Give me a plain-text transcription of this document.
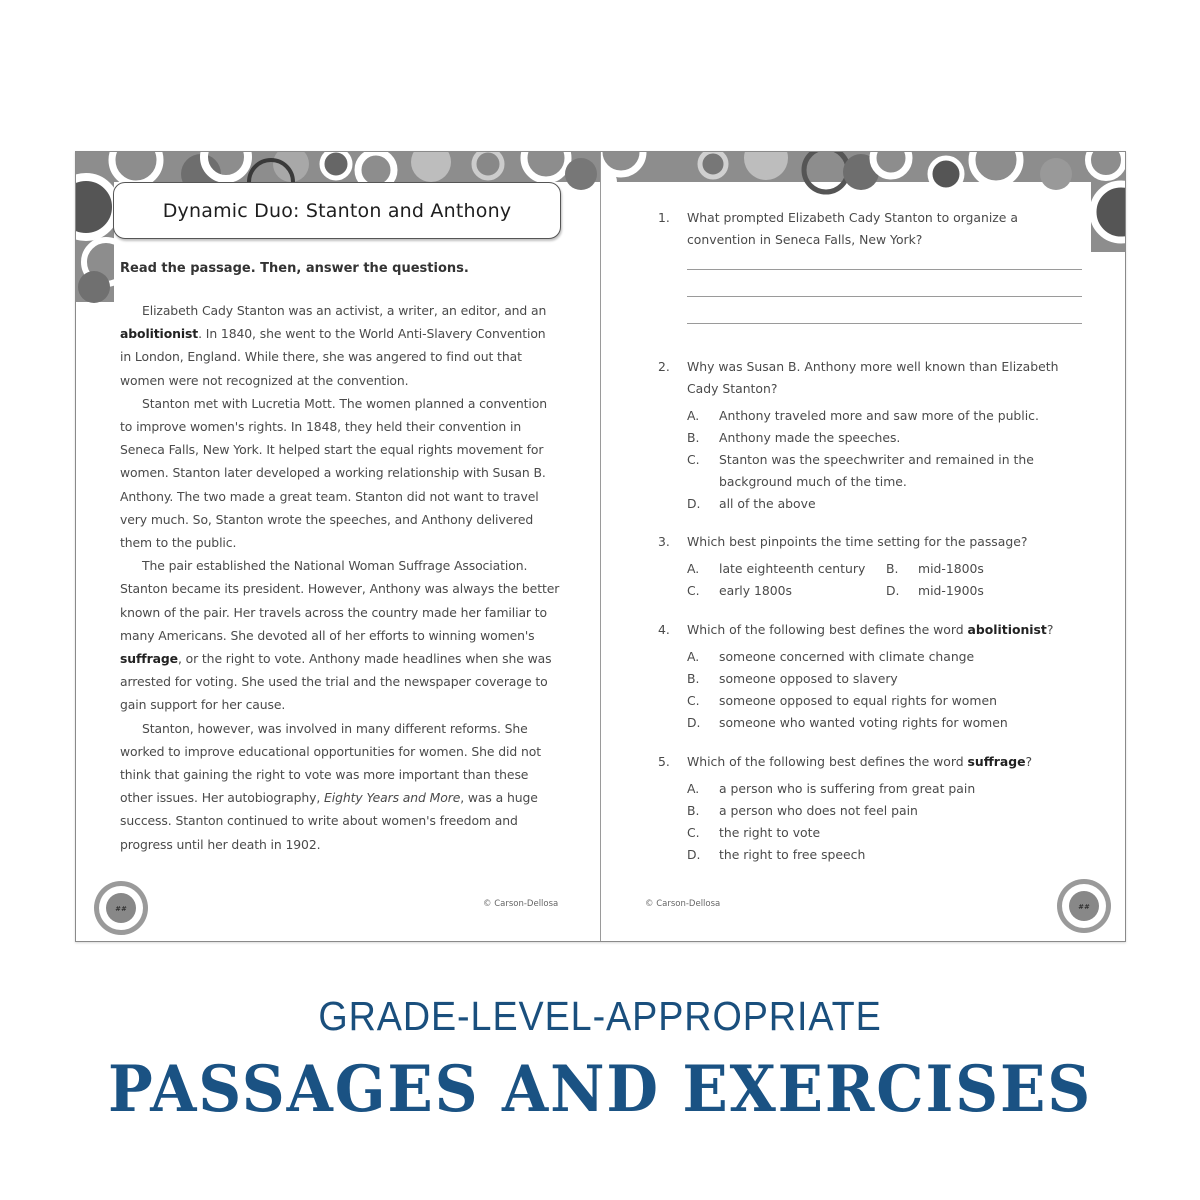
Dynamic Duo: Stanton and Anthony
Read the passage. Then, answer the questions.

Elizabeth Cady Stanton was an activist, a writer, an editor, and an abolitionist. In 1840, she went to the World Anti-Slavery Convention in London, England. While there, she was angered to find out that women were not recognized at the convention.

Stanton met with Lucretia Mott. The women planned a convention to improve women's rights. In 1848, they held their convention in Seneca Falls, New York. It helped start the equal rights movement for women. Stanton later developed a working relationship with Susan B. Anthony. The two made a great team. Stanton did not want to travel very much. So, Stanton wrote the speeches, and Anthony delivered them to the public.

The pair established the National Woman Suffrage Association. Stanton became its president. However, Anthony was always the better known of the pair. Her travels across the country made her familiar to many Americans. She devoted all of her efforts to winning women's suffrage, or the right to vote. Anthony made headlines when she was arrested for voting. She used the trial and the newspaper coverage to gain support for her cause.

Stanton, however, was involved in many different reforms. She worked to improve educational opportunities for women. She did not think that gaining the right to vote was more important than these other issues. Her autobiography, Eighty Years and More, was a huge success. Stanton continued to write about women's freedom and progress until her death in 1902.

##	© Carson-Dellosa
1. What prompted Elizabeth Cady Stanton to organize a convention in Seneca Falls, New York?
2. Why was Susan B. Anthony more well known than Elizabeth Cady Stanton?
A.	Anthony traveled more and saw more of the public.
B.	Anthony made the speeches.
C.	Stanton was the speechwriter and remained in the background much of the time.
D.	all of the above
3. Which best pinpoints the time setting for the passage?
A.	late eighteenth century	B.	mid-1800s
C.	early 1800s	D.	mid-1900s
4. Which of the following best defines the word abolitionist?
A.	someone concerned with climate change
B.	someone opposed to slavery
C.	someone opposed to equal rights for women
D.	someone who wanted voting rights for women
5. Which of the following best defines the word suffrage?
A.	a person who is suffering from great pain
B.	a person who does not feel pain
C.	the right to vote
D.	the right to free speech
© Carson-Dellosa	##
GRADE-LEVEL-APPROPRIATE
PASSAGES AND EXERCISES
